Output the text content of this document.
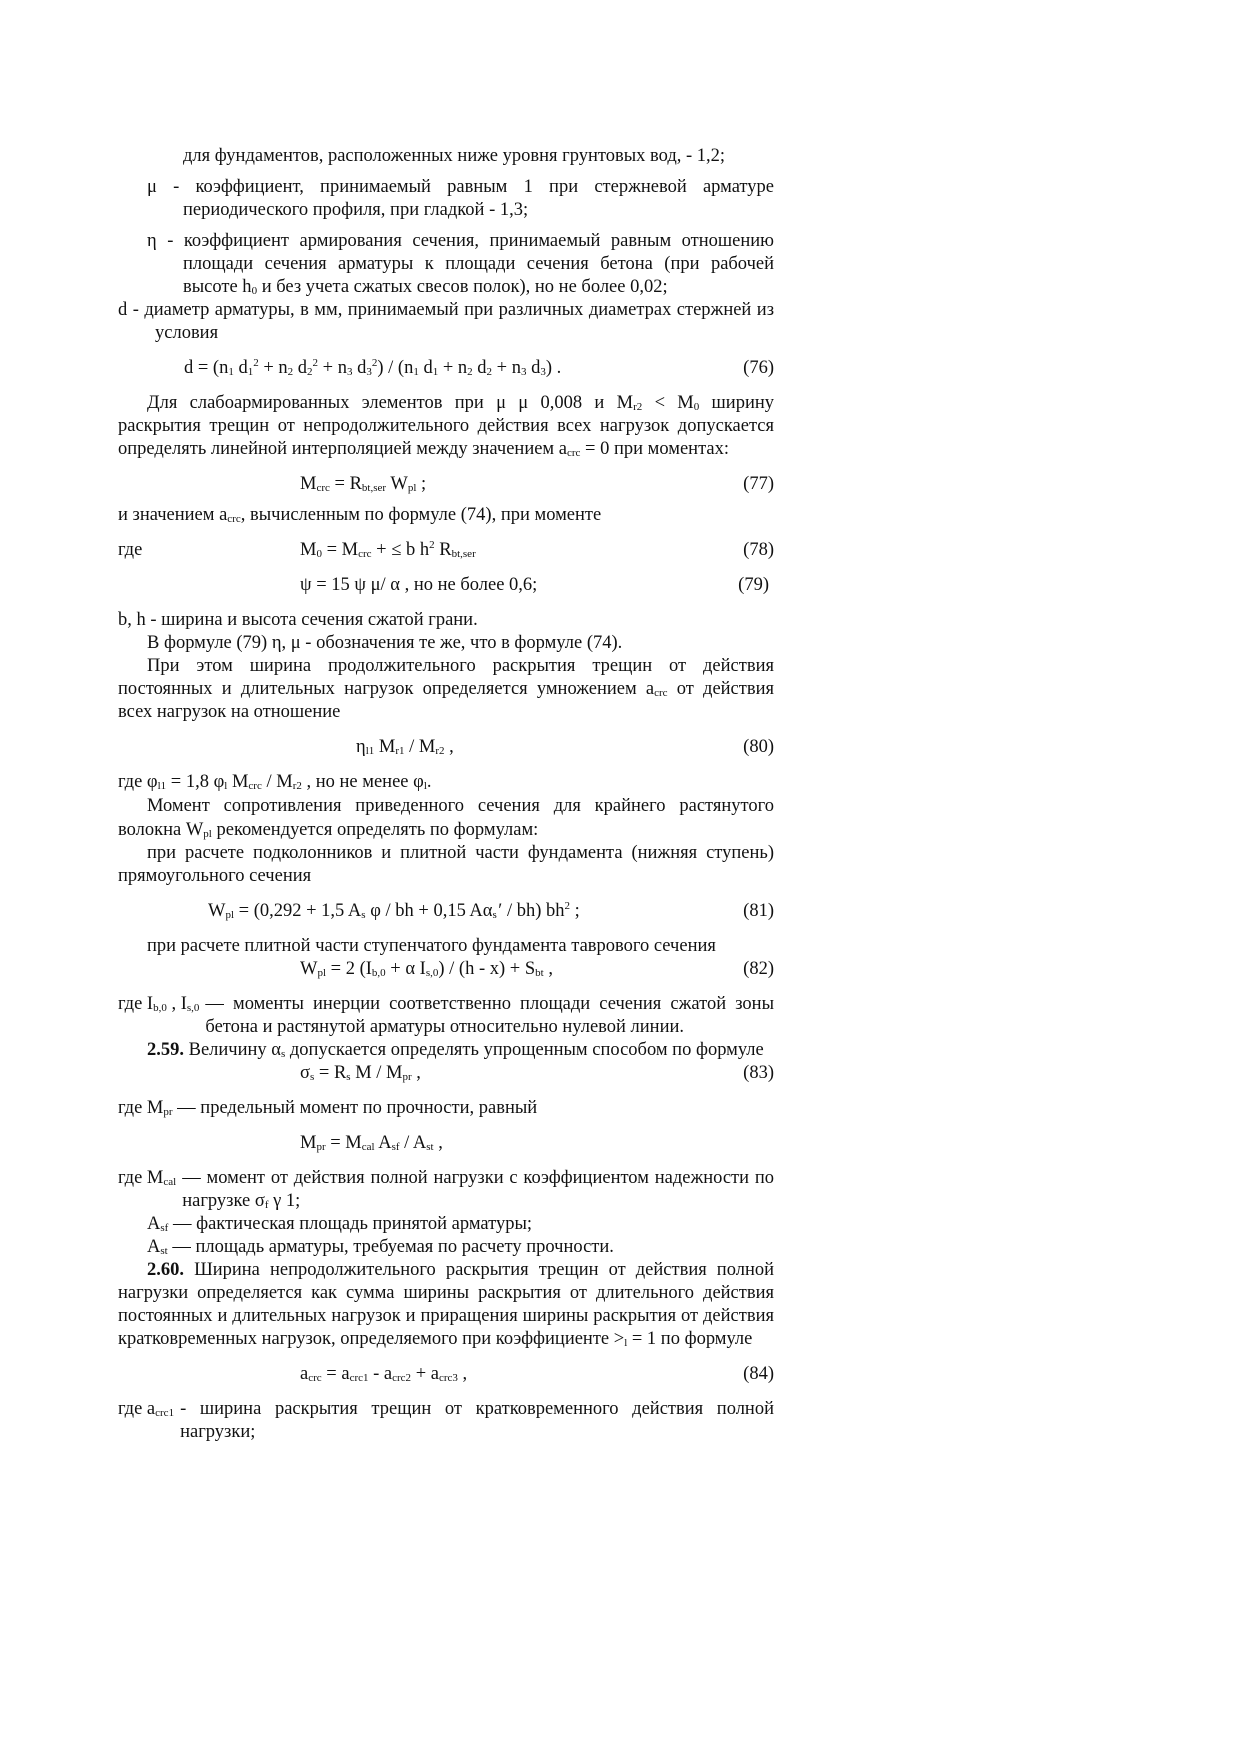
для фундаментов, расположенных ниже уровня грунтовых вод, - 1,2;

μ - коэффициент, принимаемый равным 1 при стержневой арматуре периодического профиля, при гладкой - 1,3;

η - коэффициент армирования сечения, принимаемый равным отношению площади сечения арматуры к площади сечения бетона (при рабочей высоте h0 и без учета сжатых свесов полок), но не более 0,02;

d - диаметр арматуры, в мм, принимаемый при различных диаметрах стержней из условия

d = (n1 $d1^2 + n2$ $d2^2 + n3$ $d3^2) / (n1$ d1 + n2 d2 + n3 d3) .	(76)

Для слабоармированных элементов при μ μ 0,008 и Mr2 < M0 ширину раскрытия трещин от непродолжительного действия всех нагрузок допускается определять линейной интерполяцией между значением acrc = 0 при моментах:

Mcrc = Rbt,ser Wpl ;	(77)

и значением acrc, вычисленным по формуле (74), при моменте

где	M0 = Mcrc + ≤ b $h^2$ Rbt,ser	(78)
ψ = 15 ψ μ/ α , но не более 0,6;	(79)

b, h - ширина и высота сечения сжатой грани.

В формуле (79) η, μ - обозначения те же, что в формуле (74).

При этом ширина продолжительного раскрытия трещин от действия постоянных и длительных нагрузок определяется умножением acrc от действия всех нагрузок на отношение

ηl1 Mr1 / Mr2 ,	(80)

где φl1 = 1,8 φl Mcrc / Mr2 , но не менее φl.

Момент сопротивления приведенного сечения для крайнего растянутого волокна Wpl рекомендуется определять по формулам:

при расчете подколонников и плитной части фундамента (нижняя ступень) прямоугольного сечения

Wpl = (0,292 + 1,5 As φ / bh + 0,15 Aαs ′ / bh) $bh^2$ ;	(81)

при расчете плитной части ступенчатого фундамента таврового сечения

Wpl = 2 (Ib,0 + α Is,0) / (h - x) + Sbt ,	(82)
где Ib,0 , Is,0 — моменты инерции соответственно площади сечения сжатой зоны бетона и растянутой арматуры относительно нулевой линии.

2.59. Величину αs допускается определять упрощенным способом по формуле

σs = Rs M / Mpr ,	(83)

где Mpr — предельный момент по прочности, равный

Mpr = Mcal Asf / Ast ,
где Mcal — момент от действия полной нагрузки с коэффициентом надежности по нагрузке σf γ 1;

Asf — фактическая площадь принятой арматуры;

Ast — площадь арматуры, требуемая по расчету прочности.

2.60. Ширина непродолжительного раскрытия трещин от действия полной нагрузки определяется как сумма ширины раскрытия от длительного действия постоянных и длительных нагрузок и приращения ширины раскрытия от действия кратковременных нагрузок, определяемого при коэффициенте >l = 1 по формуле

acrc = acrc1 - acrc2 + acrc3 ,	(84)
где acrc1 - ширина раскрытия трещин от кратковременного действия полной нагрузки;
